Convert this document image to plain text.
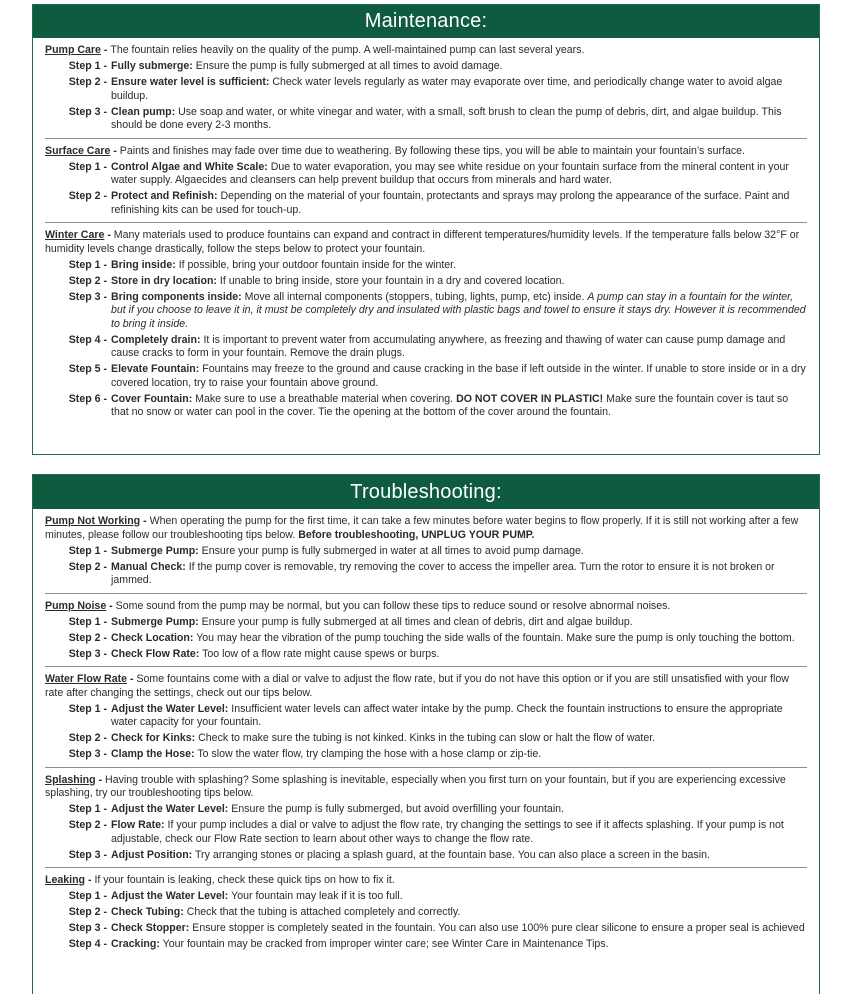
Maintenance:
Pump Care - The fountain relies heavily on the quality of the pump. A well-maintained pump can last several years.
Step 1 - Fully submerge: Ensure the pump is fully submerged at all times to avoid damage.
Step 2 - Ensure water level is sufficient: Check water levels regularly as water may evaporate over time, and periodically change water to avoid algae buildup.
Step 3 - Clean pump: Use soap and water, or white vinegar and water, with a small, soft brush to clean the pump of debris, dirt, and algae buildup. This should be done every 2-3 months.
Surface Care - Paints and finishes may fade over time due to weathering. By following these tips, you will be able to maintain your fountain’s surface.
Step 1 - Control Algae and White Scale: Due to water evaporation, you may see white residue on your fountain surface from the mineral content in your water supply. Algaecides and cleansers can help prevent buildup that occurs from minerals and hard water.
Step 2 - Protect and Refinish: Depending on the material of your fountain, protectants and sprays may prolong the appearance of the surface. Paint and refinishing kits can be used for touch-up.
Winter Care - Many materials used to produce fountains can expand and contract in different temperatures/humidity levels. If the temperature falls below 32°F or humidity levels change drastically, follow the steps below to protect your fountain.
Step 1 - Bring inside: If possible, bring your outdoor fountain inside for the winter.
Step 2 - Store in dry location: If unable to bring inside, store your fountain in a dry and covered location.
Step 3 - Bring components inside: Move all internal components (stoppers, tubing, lights, pump, etc) inside. A pump can stay in a fountain for the winter, but if you choose to leave it in, it must be completely dry and insulated with plastic bags and towel to ensure it stays dry. However it is recommended to bring it inside.
Step 4 - Completely drain: It is important to prevent water from accumulating anywhere, as freezing and thawing of water can cause pump damage and cause cracks to form in your fountain. Remove the drain plugs.
Step 5 - Elevate Fountain: Fountains may freeze to the ground and cause cracking in the base if left outside in the winter. If unable to store inside or in a dry covered location, try to raise your fountain above ground.
Step 6 - Cover Fountain: Make sure to use a breathable material when covering. DO NOT COVER IN PLASTIC! Make sure the fountain cover is taut so that no snow or water can pool in the cover. Tie the opening at the bottom of the cover around the fountain.
Troubleshooting:
Pump Not Working - When operating the pump for the first time, it can take a few minutes before water begins to flow properly. If it is still not working after a few minutes, please follow our troubleshooting tips below. Before troubleshooting, UNPLUG YOUR PUMP.
Step 1 - Submerge Pump: Ensure your pump is fully submerged in water at all times to avoid pump damage.
Step 2 - Manual Check: If the pump cover is removable, try removing the cover to access the impeller area. Turn the rotor to ensure it is not broken or jammed.
Pump Noise - Some sound from the pump may be normal, but you can follow these tips to reduce sound or resolve abnormal noises.
Step 1 - Submerge Pump: Ensure your pump is fully submerged at all times and clean of debris, dirt and algae buildup.
Step 2 - Check Location: You may hear the vibration of the pump touching the side walls of the fountain. Make sure the pump is only touching the bottom.
Step 3 - Check Flow Rate: Too low of a flow rate might cause spews or burps.
Water Flow Rate - Some fountains come with a dial or valve to adjust the flow rate, but if you do not have this option or if you are still unsatisfied with your flow rate after changing the settings, check out our tips below.
Step 1 - Adjust the Water Level: Insufficient water levels can affect water intake by the pump. Check the fountain instructions to ensure the appropriate water capacity for your fountain.
Step 2 - Check for Kinks: Check to make sure the tubing is not kinked. Kinks in the tubing can slow or halt the flow of water.
Step 3 - Clamp the Hose: To slow the water flow, try clamping the hose with a hose clamp or zip-tie.
Splashing - Having trouble with splashing? Some splashing is inevitable, especially when you first turn on your fountain, but if you are experiencing excessive splashing, try our troubleshooting tips below.
Step 1 - Adjust the Water Level: Ensure the pump is fully submerged, but avoid overfilling your fountain.
Step 2 - Flow Rate: If your pump includes a dial or valve to adjust the flow rate, try changing the settings to see if it affects splashing. If your pump is not adjustable, check our Flow Rate section to learn about other ways to change the flow rate.
Step 3 - Adjust Position: Try arranging stones or placing a splash guard, at the fountain base. You can also place a screen in the basin.
Leaking - If your fountain is leaking, check these quick tips on how to fix it.
Step 1 - Adjust the Water Level: Your fountain may leak if it is too full.
Step 2 - Check Tubing: Check that the tubing is attached completely and correctly.
Step 3 - Check Stopper: Ensure stopper is completely seated in the fountain. You can also use 100% pure clear silicone to ensure a proper seal is achieved
Step 4 - Cracking: Your fountain may be cracked from improper winter care; see Winter Care in Maintenance Tips.
